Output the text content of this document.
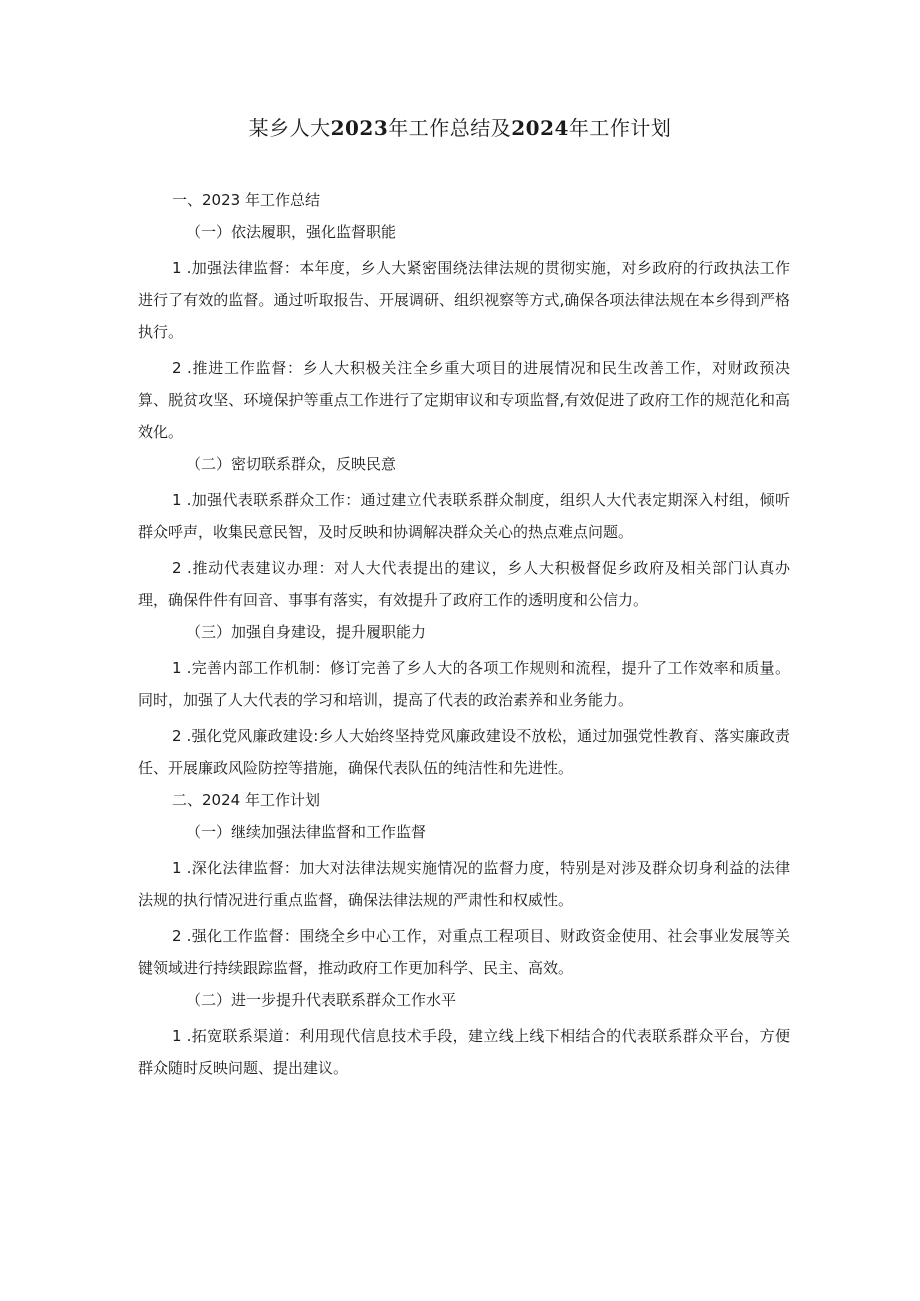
某乡人大2023年工作总结及2024年工作计划

一、2023 年工作总结

（一）依法履职，强化监督职能

1 .加强法律监督：本年度，乡人大紧密围绕法律法规的贯彻实施，对乡政府的行政执法工作进行了有效的监督。通过听取报告、开展调研、组织视察等方式,确保各项法律法规在本乡得到严格执行。

2 .推进工作监督：乡人大积极关注全乡重大项目的进展情况和民生改善工作，对财政预决算、脱贫攻坚、环境保护等重点工作进行了定期审议和专项监督,有效促进了政府工作的规范化和高效化。

（二）密切联系群众，反映民意

1 .加强代表联系群众工作：通过建立代表联系群众制度，组织人大代表定期深入村组，倾听群众呼声，收集民意民智，及时反映和协调解决群众关心的热点难点问题。

2 .推动代表建议办理：对人大代表提出的建议，乡人大积极督促乡政府及相关部门认真办理，确保件件有回音、事事有落实，有效提升了政府工作的透明度和公信力。

（三）加强自身建设，提升履职能力

1 .完善内部工作机制：修订完善了乡人大的各项工作规则和流程，提升了工作效率和质量。同时，加强了人大代表的学习和培训，提高了代表的政治素养和业务能力。

2 .强化党风廉政建设:乡人大始终坚持党风廉政建设不放松，通过加强党性教育、落实廉政责任、开展廉政风险防控等措施，确保代表队伍的纯洁性和先进性。

二、2024 年工作计划

（一）继续加强法律监督和工作监督

1 .深化法律监督：加大对法律法规实施情况的监督力度，特别是对涉及群众切身利益的法律法规的执行情况进行重点监督，确保法律法规的严肃性和权威性。

2 .强化工作监督：围绕全乡中心工作，对重点工程项目、财政资金使用、社会事业发展等关键领域进行持续跟踪监督，推动政府工作更加科学、民主、高效。

（二）进一步提升代表联系群众工作水平

1 .拓宽联系渠道：利用现代信息技术手段，建立线上线下相结合的代表联系群众平台，方便群众随时反映问题、提出建议。
